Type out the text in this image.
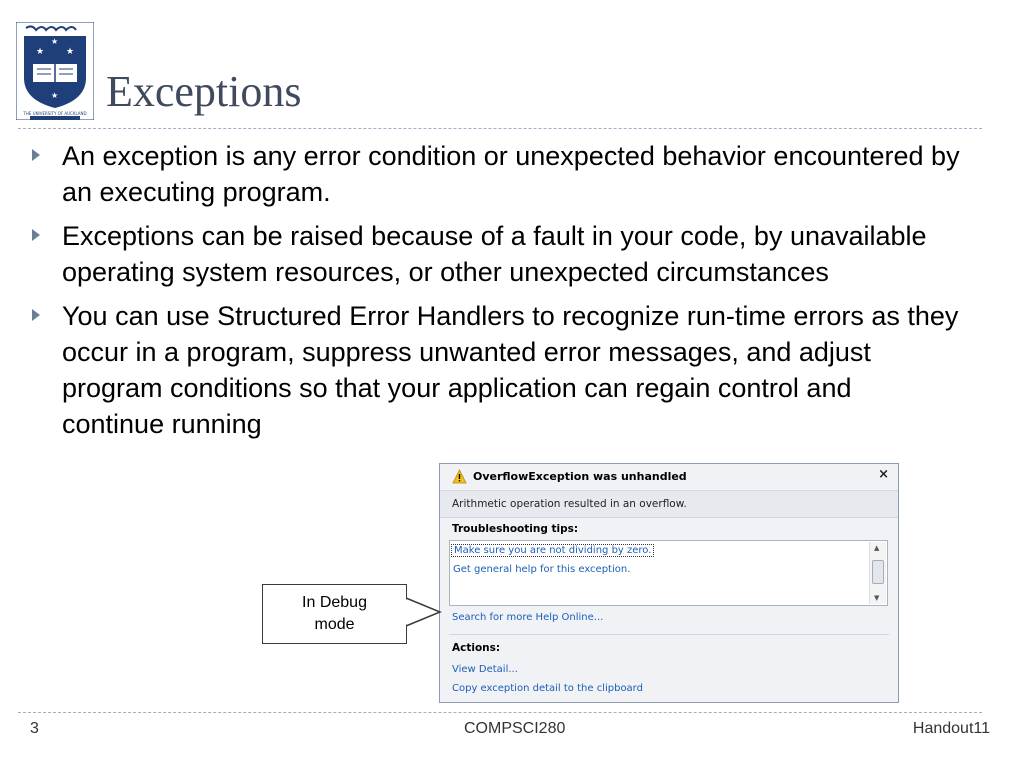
★ ★
★
★
THE UNIVERSITY OF AUCKLAND Exceptions
An exception is any error condition or unexpected behavior encountered by an executing program.
Exceptions can be raised because of a fault in your code, by unavailable operating system resources, or other unexpected circumstances
You can use Structured Error Handlers to recognize run-time errors as they occur in a program, suppress unwanted error messages, and adjust program conditions so that your application can regain control and
continue running
OverflowException was unhandled	×
Arithmetic operation resulted in an overflow.
Troubleshooting tips:
Make sure you are not dividing by zero.
Get general help for this exception.
▲
▼
Search for more Help Online...
Actions:
View Detail...
Copy exception detail to the clipboard
In Debug
mode
3	COMPSCI280	Handout11
